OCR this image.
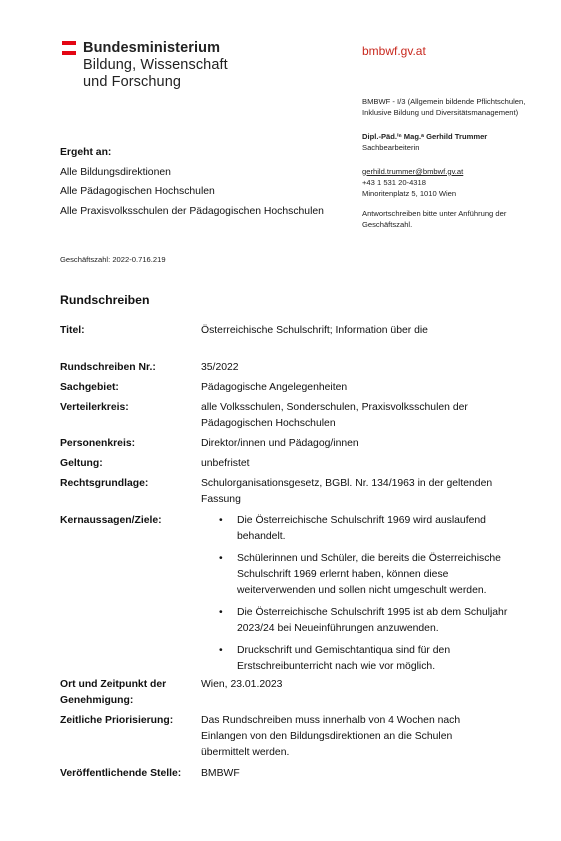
Bundesministerium
Bildung, Wissenschaft
und Forschung
bmbwf.gv.at

BMBWF - I/3 (Allgemein bildende Pflichtschulen, Inklusive Bildung und Diversitätsmanagement)

Dipl.-Päd.ⁱⁿ Mag.ᵃ Gerhild Trummer

Sachbearbeiterin

gerhild.trummer@bmbwf.gv.at

+43 1 531 20-4318

Minoritenplatz 5, 1010 Wien

Antwortschreiben bitte unter Anführung der Geschäftszahl.

Ergeht an:
Alle Bildungsdirektionen
Alle Pädagogischen Hochschulen
Alle Praxisvolksschulen der Pädagogischen Hochschulen
Geschäftszahl: 2022-0.716.219
Rundschreiben
Titel:	Österreichische Schulschrift; Information über die
Rundschreiben Nr.:	35/2022
Sachgebiet:	Pädagogische Angelegenheiten
Verteilerkreis:	alle Volksschulen, Sonderschulen, Praxisvolksschulen der Pädagogischen Hochschulen
Personenkreis:	Direktor/innen und Pädagog/innen
Geltung:	unbefristet
Rechtsgrundlage:	Schulorganisationsgesetz, BGBl. Nr. 134/1963 in der geltenden Fassung
Kernaussagen/Ziele:	• Die Österreichische Schulschrift 1969 wird auslaufend behandelt.
• Schülerinnen und Schüler, die bereits die Österreichische Schulschrift 1969 erlernt haben, können diese weiterverwenden und sollen nicht umgeschult werden.
• Die Österreichische Schulschrift 1995 ist ab dem Schuljahr 2023/24 bei Neueinführungen anzuwenden.
• Druckschrift und Gemischtantiqua sind für den Erstschreibunterricht nach wie vor möglich.
Ort und Zeitpunkt der Genehmigung:
Wien, 23.01.2023
Zeitliche Priorisierung:	Das Rundschreiben muss innerhalb von 4 Wochen nach Einlangen von den Bildungsdirektionen an die Schulen übermittelt werden.
Veröffentlichende Stelle:	BMBWF
